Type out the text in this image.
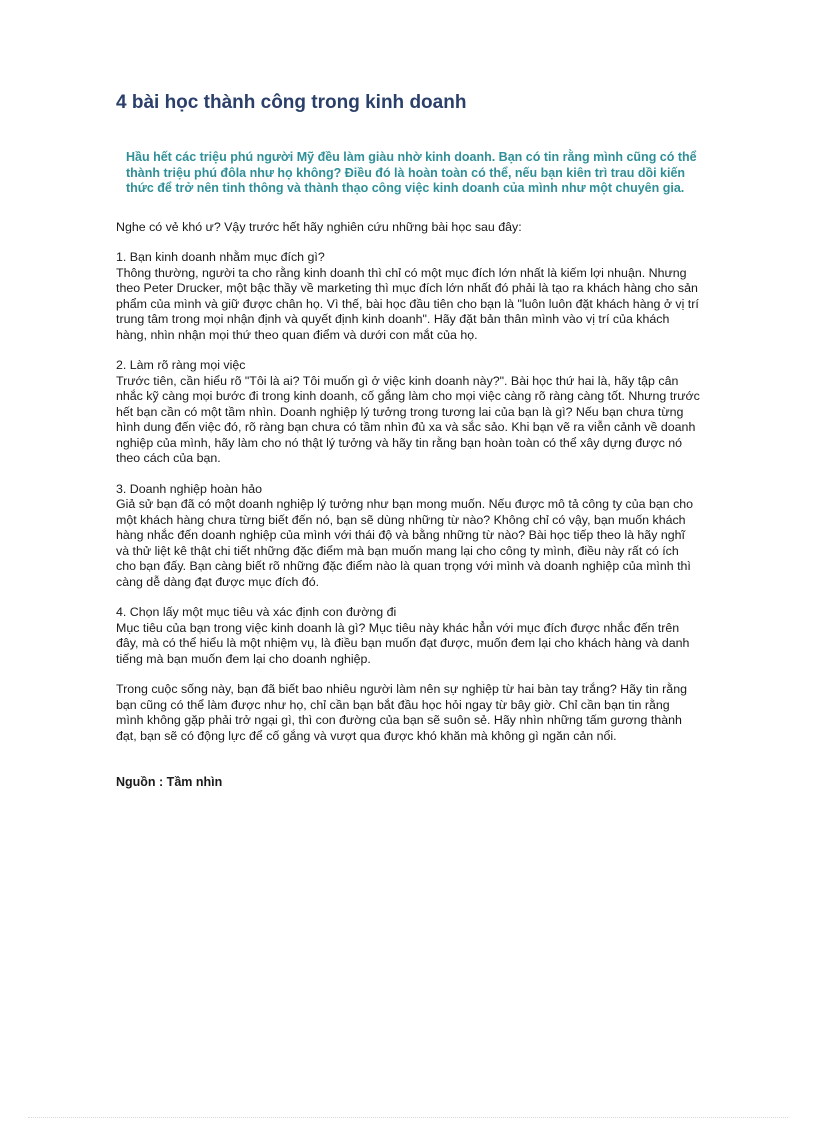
4 bài học thành công trong kinh doanh

Hầu hết các triệu phú người Mỹ đều làm giàu nhờ kinh doanh. Bạn có tin rằng mình cũng có thể thành triệu phú đôla như họ không? Điều đó là hoàn toàn có thể, nếu bạn kiên trì trau dồi kiến thức để trở nên tinh thông và thành thạo công việc kinh doanh của mình như một chuyên gia.

Nghe có vẻ khó ư? Vậy trước hết hãy nghiên cứu những bài học sau đây:

1. Bạn kinh doanh nhằm mục đích gì?
Thông thường, người ta cho rằng kinh doanh thì chỉ có một mục đích lớn nhất là kiếm lợi nhuận. Nhưng theo Peter Drucker, một bậc thầy về marketing thì mục đích lớn nhất đó phải là tạo ra khách hàng cho sản phẩm của mình và giữ được chân họ. Vì thế, bài học đầu tiên cho bạn là "luôn luôn đặt khách hàng ở vị trí trung tâm trong mọi nhận định và quyết định kinh doanh". Hãy đặt bản thân mình vào vị trí của khách hàng, nhìn nhận mọi thứ theo quan điểm và dưới con mắt của họ.
2. Làm rõ ràng mọi việc
Trước tiên, cần hiểu rõ "Tôi là ai? Tôi muốn gì ở việc kinh doanh này?". Bài học thứ hai là, hãy tập cân nhắc kỹ càng mọi bước đi trong kinh doanh, cố gắng làm cho mọi việc càng rõ ràng càng tốt. Nhưng trước hết bạn cần có một tầm nhìn. Doanh nghiệp lý tưởng trong tương lai của bạn là gì? Nếu bạn chưa từng hình dung đến việc đó, rõ ràng bạn chưa có tầm nhìn đủ xa và sắc sảo. Khi bạn vẽ ra viễn cảnh về doanh nghiệp của mình, hãy làm cho nó thật lý tưởng và hãy tin rằng bạn hoàn toàn có thể xây dựng được nó theo cách của bạn.
3. Doanh nghiệp hoàn hảo
Giả sử bạn đã có một doanh nghiệp lý tưởng như bạn mong muốn. Nếu được mô tả công ty của bạn cho một khách hàng chưa từng biết đến nó, bạn sẽ dùng những từ nào? Không chỉ có vậy, bạn muốn khách hàng nhắc đến doanh nghiệp của mình với thái độ và bằng những từ nào? Bài học tiếp theo là hãy nghĩ và thử liệt kê thật chi tiết những đặc điểm mà bạn muốn mang lại cho công ty mình, điều này rất có ích cho bạn đấy. Bạn càng biết rõ những đặc điểm nào là quan trọng với mình và doanh nghiệp của mình thì càng dễ dàng đạt được mục đích đó.
4. Chọn lấy một mục tiêu và xác định con đường đi
Mục tiêu của bạn trong việc kinh doanh là gì? Mục tiêu này khác hẳn với mục đích được nhắc đến trên đây, mà có thể hiểu là một nhiệm vụ, là điều bạn muốn đạt được, muốn đem lại cho khách hàng và danh tiếng mà bạn muốn đem lại cho doanh nghiệp.

Trong cuộc sống này, bạn đã biết bao nhiêu người làm nên sự nghiệp từ hai bàn tay trắng? Hãy tin rằng bạn cũng có thể làm được như họ, chỉ cần bạn bắt đầu học hỏi ngay từ bây giờ. Chỉ cần bạn tin rằng mình không gặp phải trở ngại gì, thì con đường của bạn sẽ suôn sẻ. Hãy nhìn những tấm gương thành đạt, bạn sẽ có động lực để cố gắng và vượt qua được khó khăn mà không gì ngăn cản nổi.

Nguồn : Tầm nhìn
